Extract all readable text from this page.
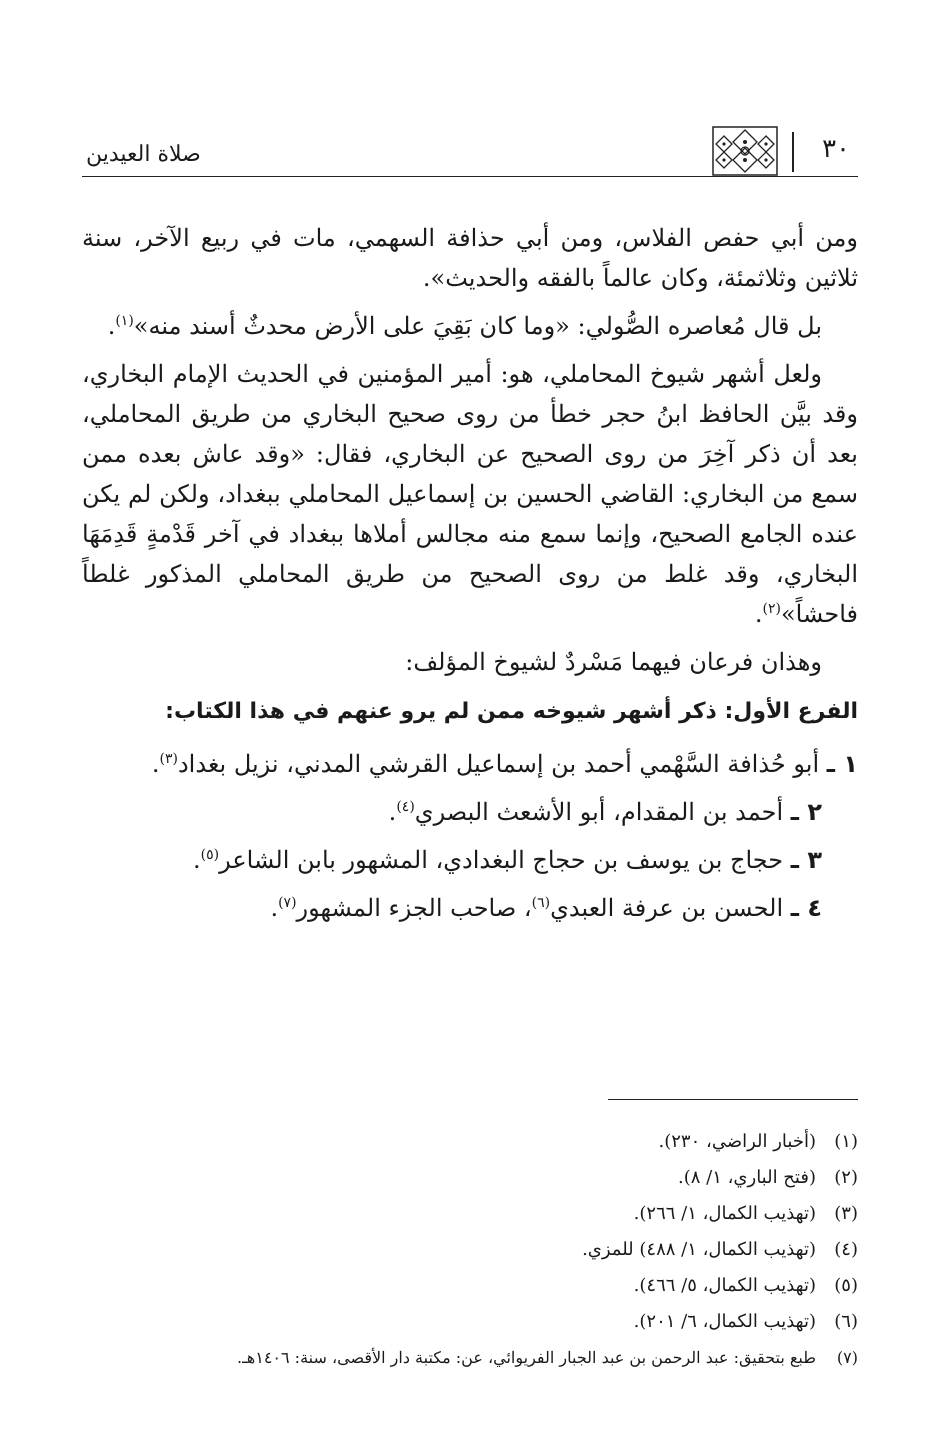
٣٠
صلاة العيدين

ومن أبي حفص الفلاس، ومن أبي حذافة السهمي، مات في ربيع الآخر، سنة ثلاثين وثلاثمئة، وكان عالماً بالفقه والحديث».

بل قال مُعاصره الصُّولي: «وما كان بَقِيَ على الأرض محدثٌ أسند منه»$^{(١)}$.

ولعل أشهر شيوخ المحاملي، هو: أمير المؤمنين في الحديث الإمام البخاري، وقد بيَّن الحافظ ابنُ حجر خطأ من روى صحيح البخاري من طريق المحاملي، بعد أن ذكر آخِرَ من روى الصحيح عن البخاري، فقال: «وقد عاش بعده ممن سمع من البخاري: القاضي الحسين بن إسماعيل المحاملي ببغداد، ولكن لم يكن عنده الجامع الصحيح، وإنما سمع منه مجالس أملاها ببغداد في آخر قَدْمةٍ قَدِمَهَا البخاري، وقد غلط من روى الصحيح من طريق المحاملي المذكور غلطاً فاحشاً»$^{(٢)}$.

وهذان فرعان فيهما مَسْردٌ لشيوخ المؤلف:

الفرع الأول: ذكر أشهر شيوخه ممن لم يرو عنهم في هذا الكتاب:

١ ـ أبو حُذافة السَّهْمي أحمد بن إسماعيل القرشي المدني، نزيل بغداد$^{(٣)}$.

٢ ـ أحمد بن المقدام، أبو الأشعث البصري$^{(٤)}$.

٣ ـ حجاج بن يوسف بن حجاج البغدادي، المشهور بابن الشاعر$^{(٥)}$.

٤ ـ الحسن بن عرفة العبدي$^{(٦)}$، صاحب الجزء المشهور$^{(٧)}$.

(١)(أخبار الراضي، ٢٣٠).
(٢)(فتح الباري، ١/ ٨).
(٣)(تهذيب الكمال، ١/ ٢٦٦).
(٤)(تهذيب الكمال، ١/ ٤٨٨) للمزي.
(٥)(تهذيب الكمال، ٥/ ٤٦٦).
(٦)(تهذيب الكمال، ٦/ ٢٠١).
(٧)طبع بتحقيق: عبد الرحمن بن عبد الجبار الفريوائي، عن: مكتبة دار الأقصى، سنة: ١٤٠٦هـ.
